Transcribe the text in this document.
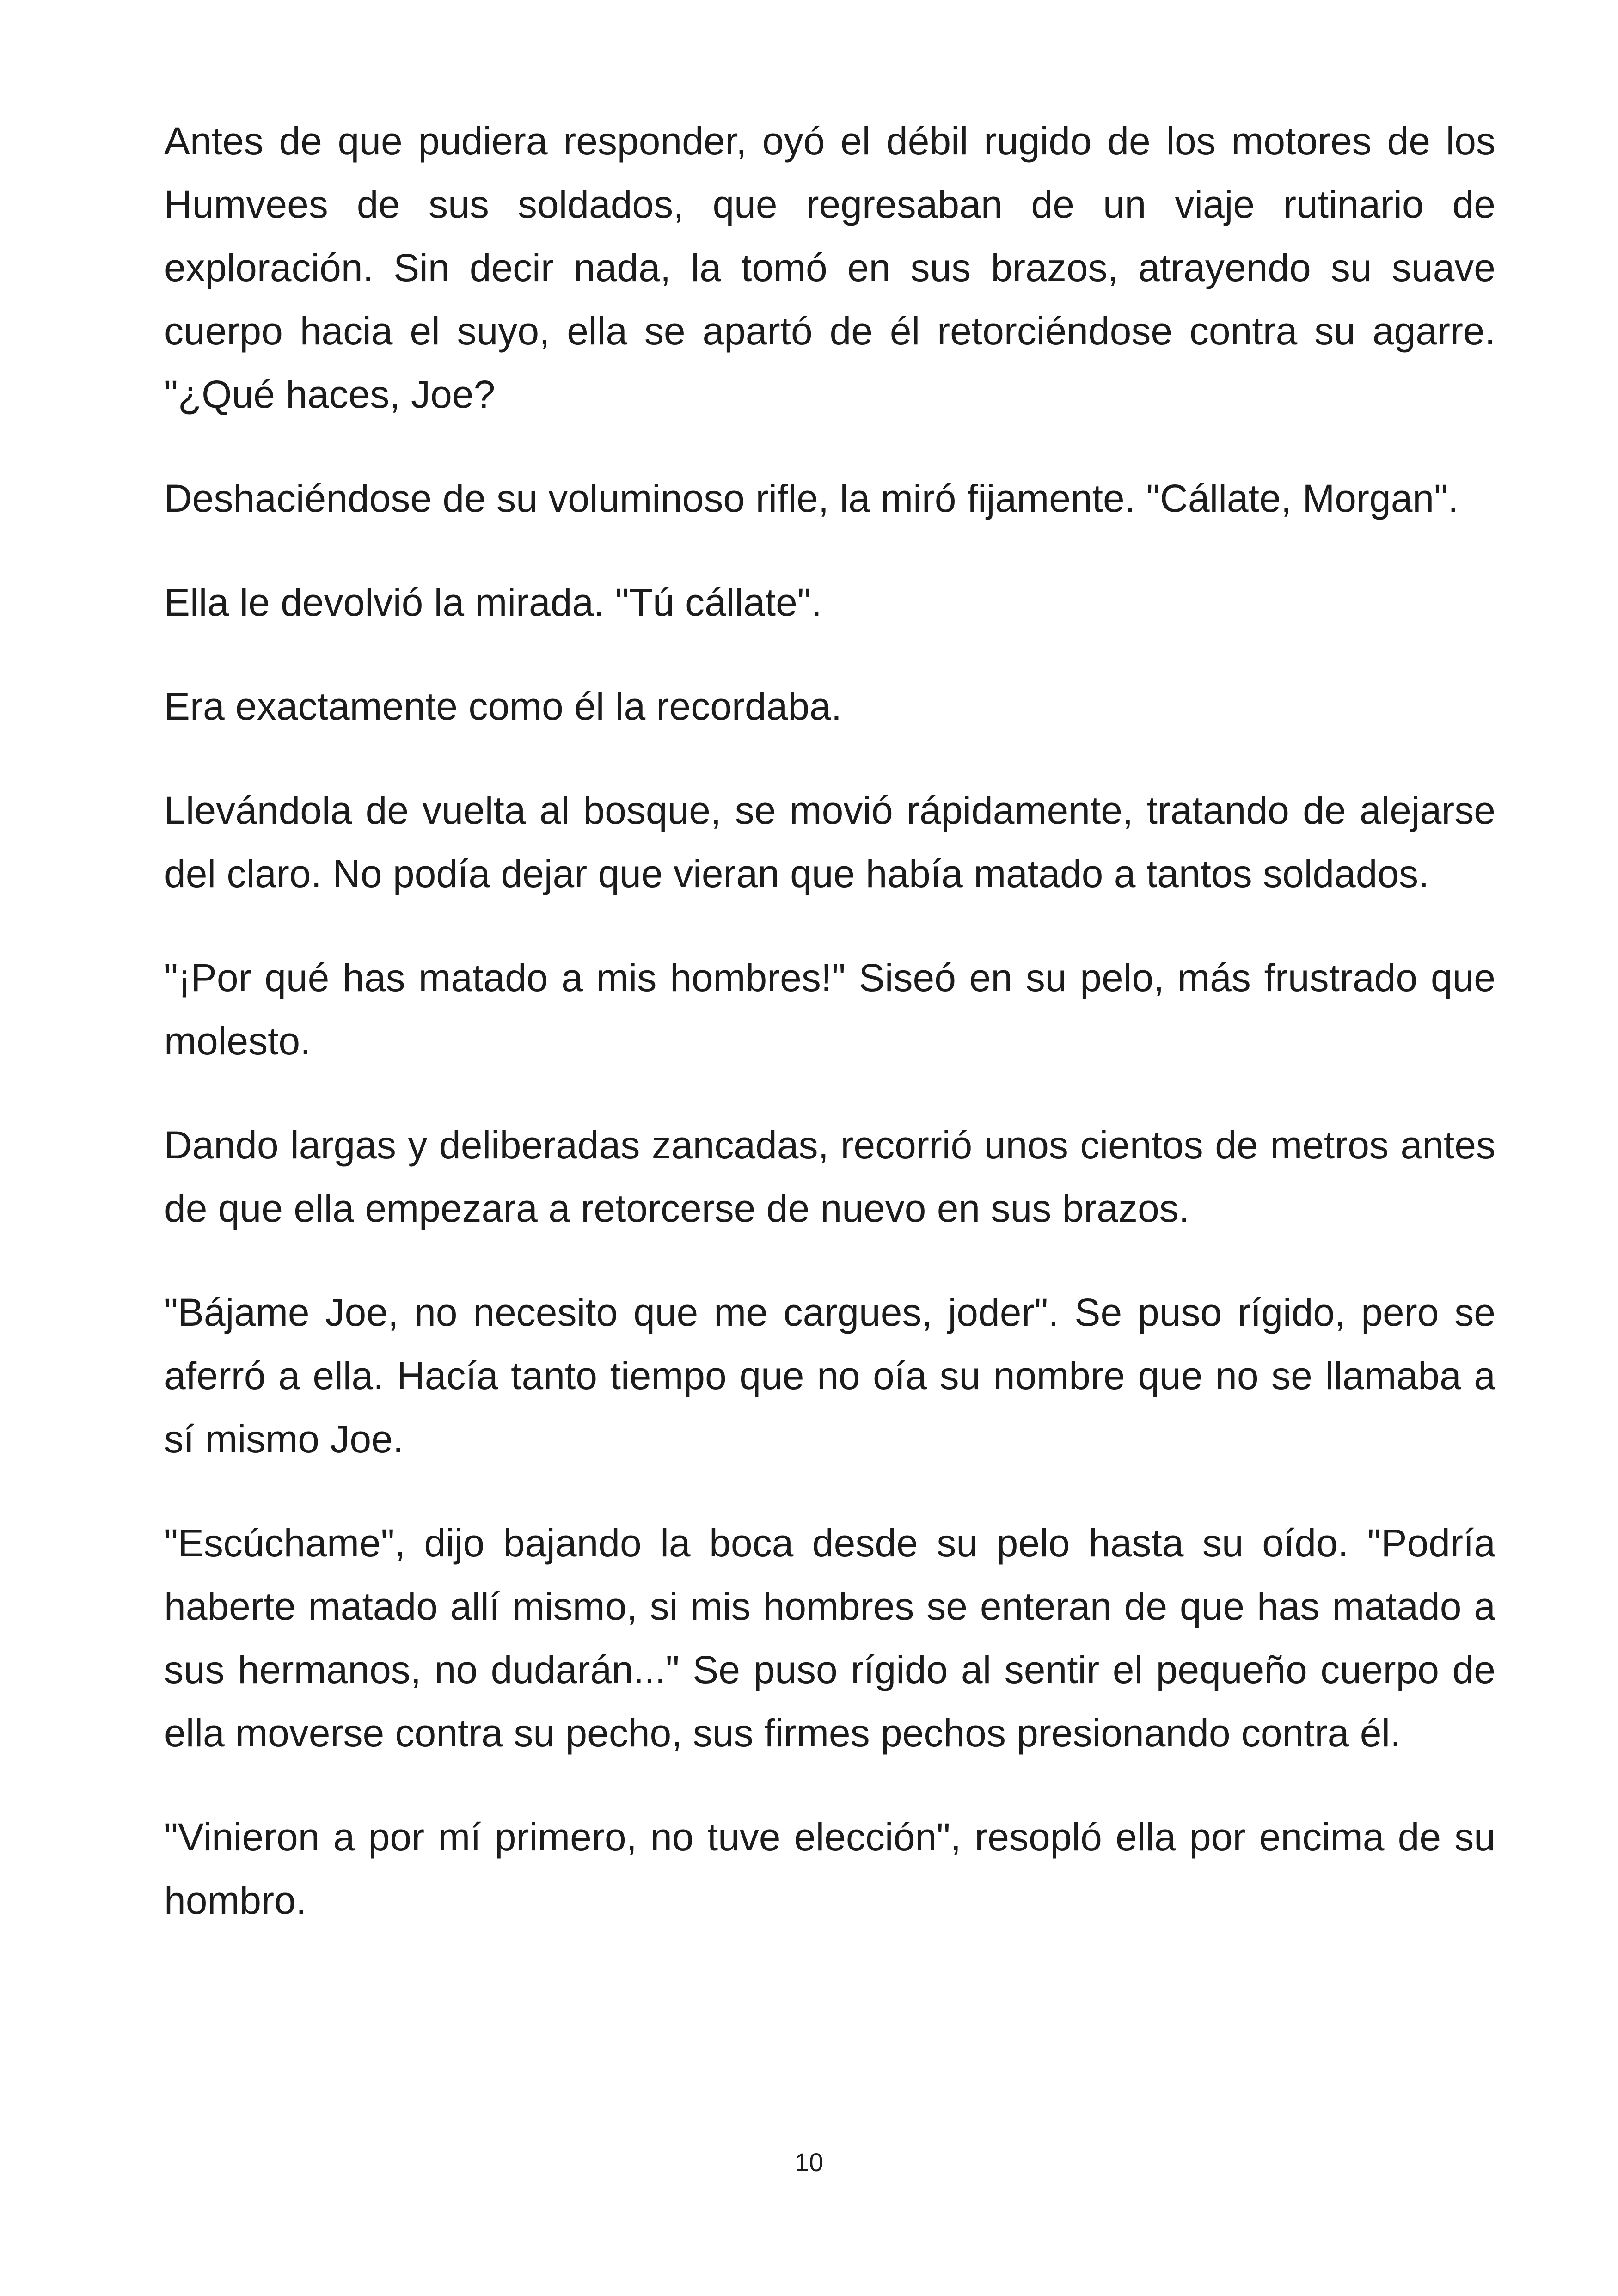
Antes de que pudiera responder, oyó el débil rugido de los motores de los Humvees de sus soldados, que regresaban de un viaje rutinario de exploración. Sin decir nada, la tomó en sus brazos, atrayendo su suave cuerpo hacia el suyo, ella se apartó de él retorciéndose contra su agarre. "¿Qué haces, Joe?

Deshaciéndose de su voluminoso rifle, la miró fijamente. "Cállate, Morgan".

Ella le devolvió la mirada. "Tú cállate".

Era exactamente como él la recordaba.

Llevándola de vuelta al bosque, se movió rápidamente, tratando de alejarse del claro. No podía dejar que vieran que había matado a tantos soldados.

"¡Por qué has matado a mis hombres!" Siseó en su pelo, más frustrado que molesto.

Dando largas y deliberadas zancadas, recorrió unos cientos de metros antes de que ella empezara a retorcerse de nuevo en sus brazos.

"Bájame Joe, no necesito que me cargues, joder". Se puso rígido, pero se aferró a ella. Hacía tanto tiempo que no oía su nombre que no se llamaba a sí mismo Joe.

"Escúchame", dijo bajando la boca desde su pelo hasta su oído. "Podría haberte matado allí mismo, si mis hombres se enteran de que has matado a sus hermanos, no dudarán..." Se puso rígido al sentir el pequeño cuerpo de ella moverse contra su pecho, sus firmes pechos presionando contra él.

"Vinieron a por mí primero, no tuve elección", resopló ella por encima de su hombro.

10
